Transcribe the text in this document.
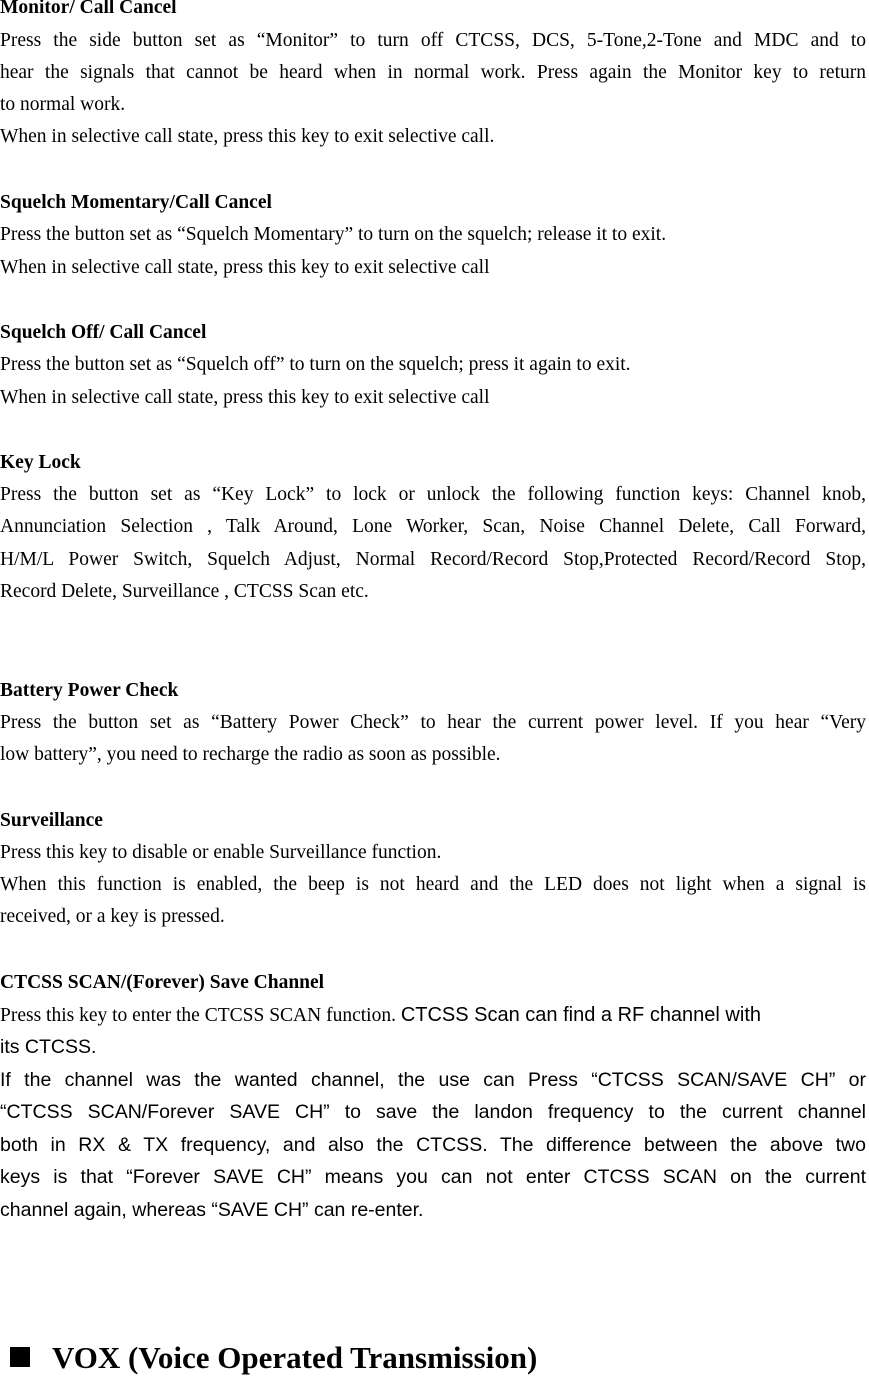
Monitor/ Call Cancel
Press the side button set as “Monitor” to turn off CTCSS, DCS, 5-Tone,2-Tone and MDC and to
hear the signals that cannot be heard when in normal work. Press again the Monitor key to return
to normal work.
When in selective call state, press this key to exit selective call.
Squelch Momentary/Call Cancel
Press the button set as “Squelch Momentary” to turn on the squelch; release it to exit.
When in selective call state, press this key to exit selective call
Squelch Off/ Call Cancel
Press the button set as “Squelch off” to turn on the squelch; press it again to exit.
When in selective call state, press this key to exit selective call
Key Lock
Press the button set as “Key Lock” to lock or unlock the following function keys: Channel knob,
Annunciation Selection , Talk Around, Lone Worker, Scan, Noise Channel Delete, Call Forward,
H/M/L Power Switch, Squelch Adjust, Normal Record/Record Stop,Protected Record/Record Stop,
Record Delete, Surveillance , CTCSS Scan etc.
Battery Power Check
Press the button set as “Battery Power Check” to hear the current power level. If you hear “Very
low battery”, you need to recharge the radio as soon as possible.
Surveillance
Press this key to disable or enable Surveillance function.
When this function is enabled, the beep is not heard and the LED does not light when a signal is
received, or a key is pressed.
CTCSS SCAN/(Forever) Save Channel
Press this key to enter the CTCSS SCAN function. CTCSS Scan can find a RF channel with
its CTCSS.
If the channel was the wanted channel, the use can Press “CTCSS SCAN/SAVE CH” or
“CTCSS SCAN/Forever SAVE CH” to save the landon frequency to the current channel
both in RX & TX frequency, and also the CTCSS. The difference between the above two
keys is that “Forever SAVE CH” means you can not enter CTCSS SCAN on the current
channel again, whereas “SAVE CH” can re-enter.
VOX (Voice Operated Transmission)
